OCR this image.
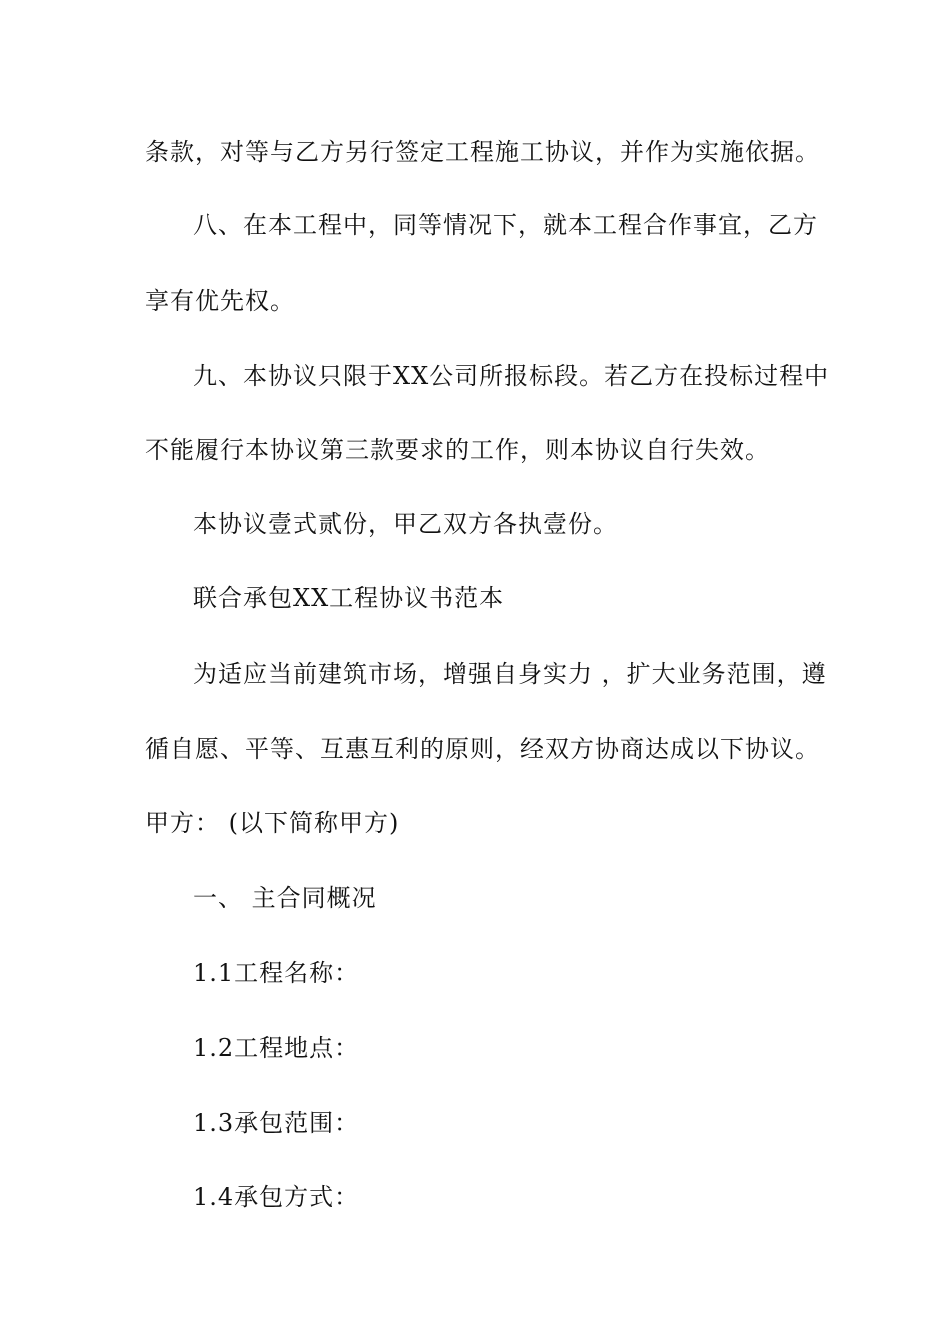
条款，对等与乙方另行签定工程施工协议，并作为实施依据。
八、在本工程中，同等情况下，就本工程合作事宜，乙方
享有优先权。
九、本协议只限于XX公司所报标段。若乙方在投标过程中
不能履行本协议第三款要求的工作，则本协议自行失效。
本协议壹式贰份，甲乙双方各执壹份。
联合承包XX工程协议书范本
为适应当前建筑市场，增强自身实力 ，扩大业务范围，遵
循自愿、平等、互惠互利的原则，经双方协商达成以下协议。
甲方： (以下简称甲方)
一、 主合同概况
1.1工程名称：
1.2工程地点：
1.3承包范围：
1.4承包方式：
